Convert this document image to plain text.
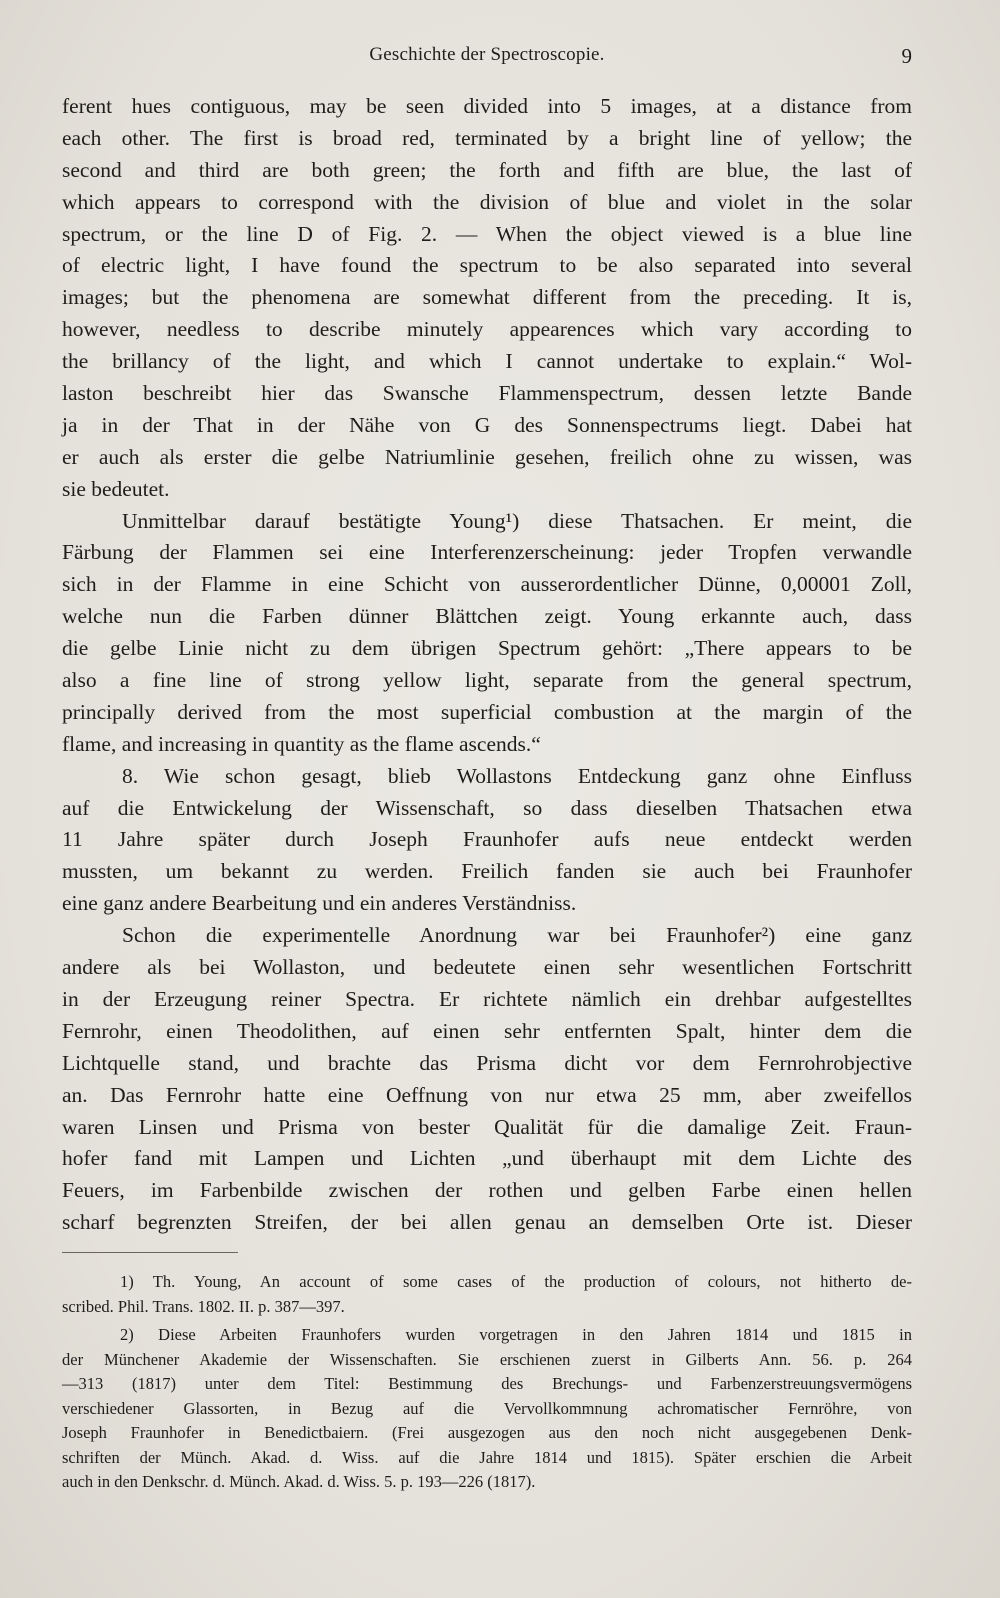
Geschichte der Spectroscopie.	9
ferent hues contiguous, may be seen divided into 5 images, at a distance from
each other. The first is broad red, terminated by a bright line of yellow; the
second and third are both green; the forth and fifth are blue, the last of
which appears to correspond with the division of blue and violet in the solar
spectrum, or the line D of Fig. 2. — When the object viewed is a blue line
of electric light, I have found the spectrum to be also separated into several
images; but the phenomena are somewhat different from the preceding. It is,
however, needless to describe minutely appearences which vary according to
the brillancy of the light, and which I cannot undertake to explain.“ Wol-
laston beschreibt hier das Swansche Flammenspectrum, dessen letzte Bande
ja in der That in der Nähe von G des Sonnenspectrums liegt. Dabei hat
er auch als erster die gelbe Natriumlinie gesehen, freilich ohne zu wissen, was
sie bedeutet.
Unmittelbar darauf bestätigte Young¹) diese Thatsachen. Er meint, die
Färbung der Flammen sei eine Interferenzerscheinung: jeder Tropfen verwandle
sich in der Flamme in eine Schicht von ausserordentlicher Dünne, 0,00001 Zoll,
welche nun die Farben dünner Blättchen zeigt. Young erkannte auch, dass
die gelbe Linie nicht zu dem übrigen Spectrum gehört: „There appears to be
also a fine line of strong yellow light, separate from the general spectrum,
principally derived from the most superficial combustion at the margin of the
flame, and increasing in quantity as the flame ascends.“
8. Wie schon gesagt, blieb Wollastons Entdeckung ganz ohne Einfluss
auf die Entwickelung der Wissenschaft, so dass dieselben Thatsachen etwa
11 Jahre später durch Joseph Fraunhofer aufs neue entdeckt werden
mussten, um bekannt zu werden. Freilich fanden sie auch bei Fraunhofer
eine ganz andere Bearbeitung und ein anderes Verständniss.
Schon die experimentelle Anordnung war bei Fraunhofer²) eine ganz
andere als bei Wollaston, und bedeutete einen sehr wesentlichen Fortschritt
in der Erzeugung reiner Spectra. Er richtete nämlich ein drehbar aufgestelltes
Fernrohr, einen Theodolithen, auf einen sehr entfernten Spalt, hinter dem die
Lichtquelle stand, und brachte das Prisma dicht vor dem Fernrohrobjective
an. Das Fernrohr hatte eine Oeffnung von nur etwa 25 mm, aber zweifellos
waren Linsen und Prisma von bester Qualität für die damalige Zeit. Fraun-
hofer fand mit Lampen und Lichten „und überhaupt mit dem Lichte des
Feuers, im Farbenbilde zwischen der rothen und gelben Farbe einen hellen
scharf begrenzten Streifen, der bei allen genau an demselben Orte ist. Dieser
1) Th. Young, An account of some cases of the production of colours, not hitherto de-
scribed. Phil. Trans. 1802. II. p. 387—397.
2) Diese Arbeiten Fraunhofers wurden vorgetragen in den Jahren 1814 und 1815 in
der Münchener Akademie der Wissenschaften. Sie erschienen zuerst in Gilberts Ann. 56. p. 264
—313 (1817) unter dem Titel: Bestimmung des Brechungs- und Farbenzerstreuungsvermögens
verschiedener Glassorten, in Bezug auf die Vervollkommnung achromatischer Fernröhre, von
Joseph Fraunhofer in Benedictbaiern. (Frei ausgezogen aus den noch nicht ausgegebenen Denk-
schriften der Münch. Akad. d. Wiss. auf die Jahre 1814 und 1815). Später erschien die Arbeit
auch in den Denkschr. d. Münch. Akad. d. Wiss. 5. p. 193—226 (1817).
